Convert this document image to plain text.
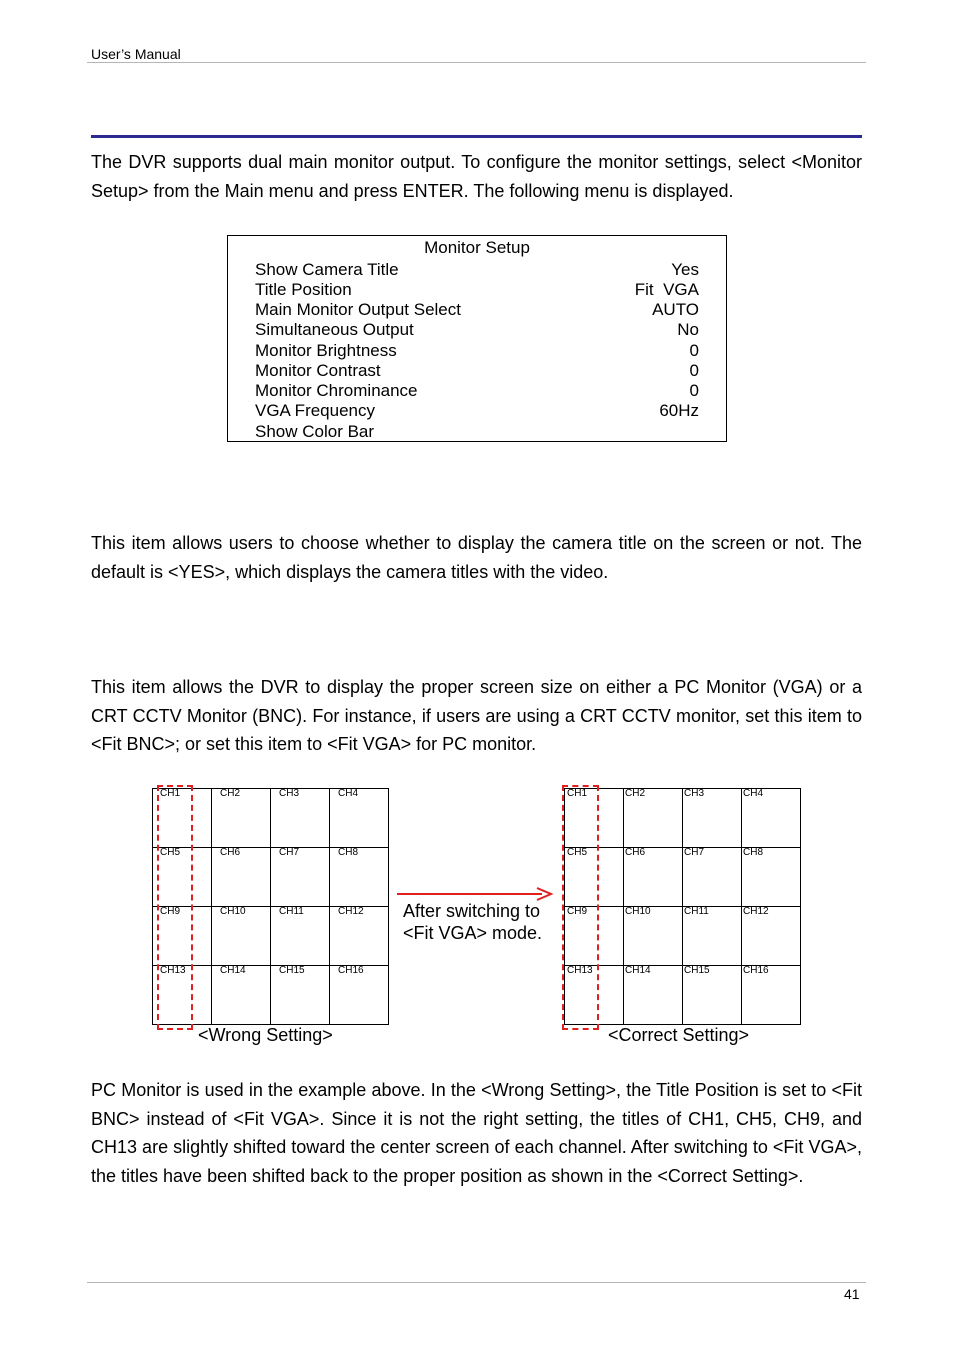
User’s Manual
The DVR supports dual main monitor output. To configure the monitor settings, select <Monitor Setup> from the Main menu and press ENTER. The following menu is displayed.
Monitor Setup
Show Camera Title	Yes
Title Position	Fit  VGA
Main Monitor Output Select	AUTO
Simultaneous Output	No
Monitor Brightness	0
Monitor Contrast	0
Monitor Chrominance	0
VGA Frequency	60Hz
Show Color Bar
This item allows users to choose whether to display the camera title on the screen or not. The default is <YES>, which displays the camera titles with the video.
This item allows the DVR to display the proper screen size on either a PC Monitor (VGA) or a CRT CCTV Monitor (BNC). For instance, if users are using a CRT CCTV monitor, set this item to <Fit BNC>; or set this item to <Fit VGA> for PC monitor.
CH1	CH2	CH3	CH4

CH5	CH6	CH7	CH8

CH9	CH10	CH11	CH12

CH13	CH14	CH15	CH16
<Wrong Setting>
After switching to
<Fit VGA> mode.
CH1	CH2	CH3	CH4

CH5	CH6	CH7	CH8

CH9	CH10	CH11	CH12

CH13	CH14	CH15	CH16
<Correct Setting>
PC Monitor is used in the example above. In the <Wrong Setting>, the Title Position is set to <Fit BNC> instead of <Fit VGA>. Since it is not the right setting, the titles of CH1, CH5, CH9, and CH13 are slightly shifted toward the center screen of each channel. After switching to <Fit VGA>, the titles have been shifted back to the proper position as shown in the <Correct Setting>.
41
